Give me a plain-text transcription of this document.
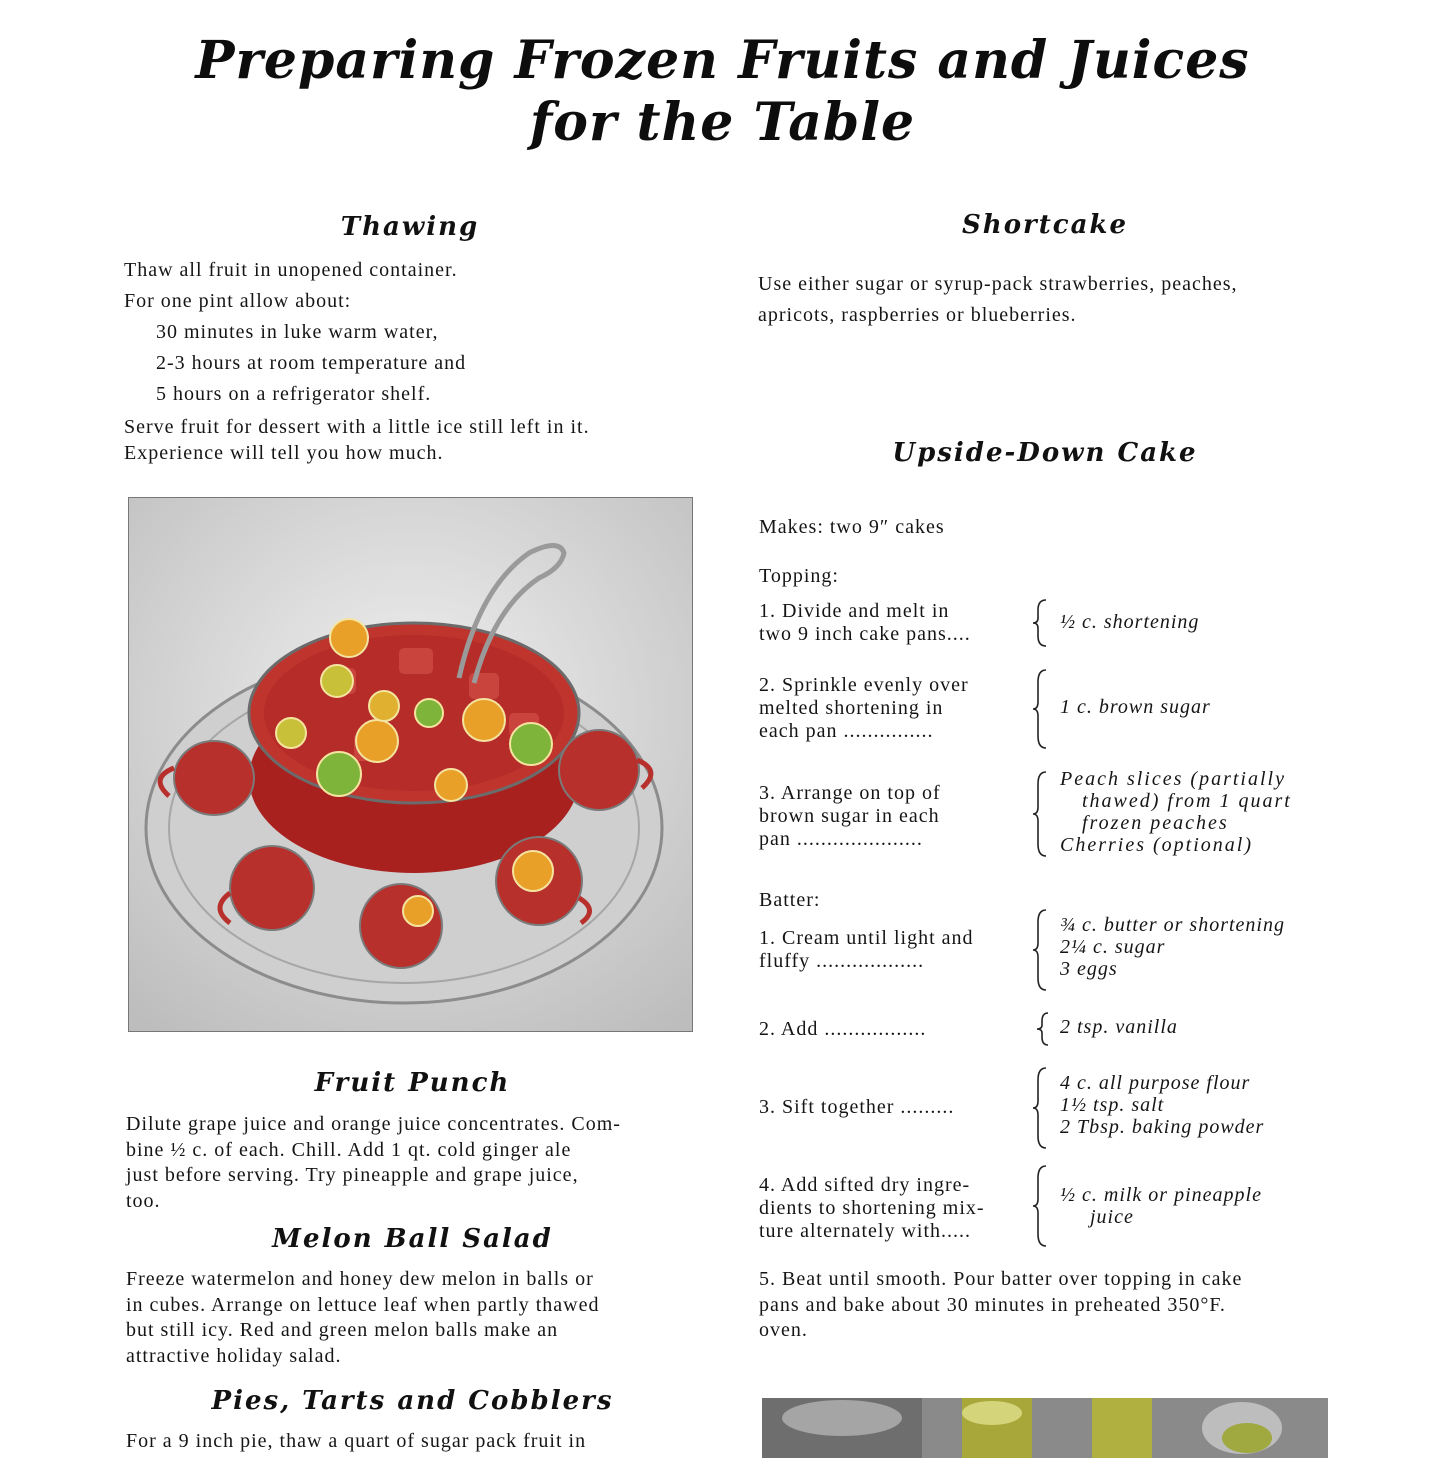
Preparing Frozen Fruits and Juices
for the Table
Thawing
Thaw all fruit in unopened container.
For one pint allow about:
30 minutes in luke warm water,
2-3 hours at room temperature and
5 hours on a refrigerator shelf.
Serve fruit for dessert with a little ice still left in it.
Experience will tell you how much.
Fruit Punch
Dilute grape juice and orange juice concentrates. Com-
bine ½ c. of each. Chill. Add 1 qt. cold ginger ale
just before serving. Try pineapple and grape juice,
too.
Melon Ball Salad
Freeze watermelon and honey dew melon in balls or
in cubes. Arrange on lettuce leaf when partly thawed
but still icy. Red and green melon balls make an
attractive holiday salad.
Pies, Tarts and Cobblers
For a 9 inch pie, thaw a quart of sugar pack fruit in
Shortcake
Use either sugar or syrup-pack strawberries, peaches,
apricots, raspberries or blueberries.
Upside-Down Cake
Makes: two 9″ cakes
Topping:
1. Divide and melt in
two 9 inch cake pans....
½ c. shortening
2. Sprinkle evenly over
melted shortening in
each pan ...............
1 c. brown sugar
3. Arrange on top of
brown sugar in each
pan .....................
Peach slices (partially
thawed) from 1 quart
frozen peaches
Cherries (optional)
Batter:
1. Cream until light and
fluffy ..................
¾ c. butter or shortening
2¼ c. sugar
3 eggs
2. Add .................	2 tsp. vanilla
3. Sift together .........
4 c. all purpose flour
1½ tsp. salt
2 Tbsp. baking powder
4. Add sifted dry ingre-
dients to shortening mix-
ture alternately with.....
½ c. milk or pineapple
juice
5. Beat until smooth. Pour batter over topping in cake
pans and bake about 30 minutes in preheated 350°F.
oven.
